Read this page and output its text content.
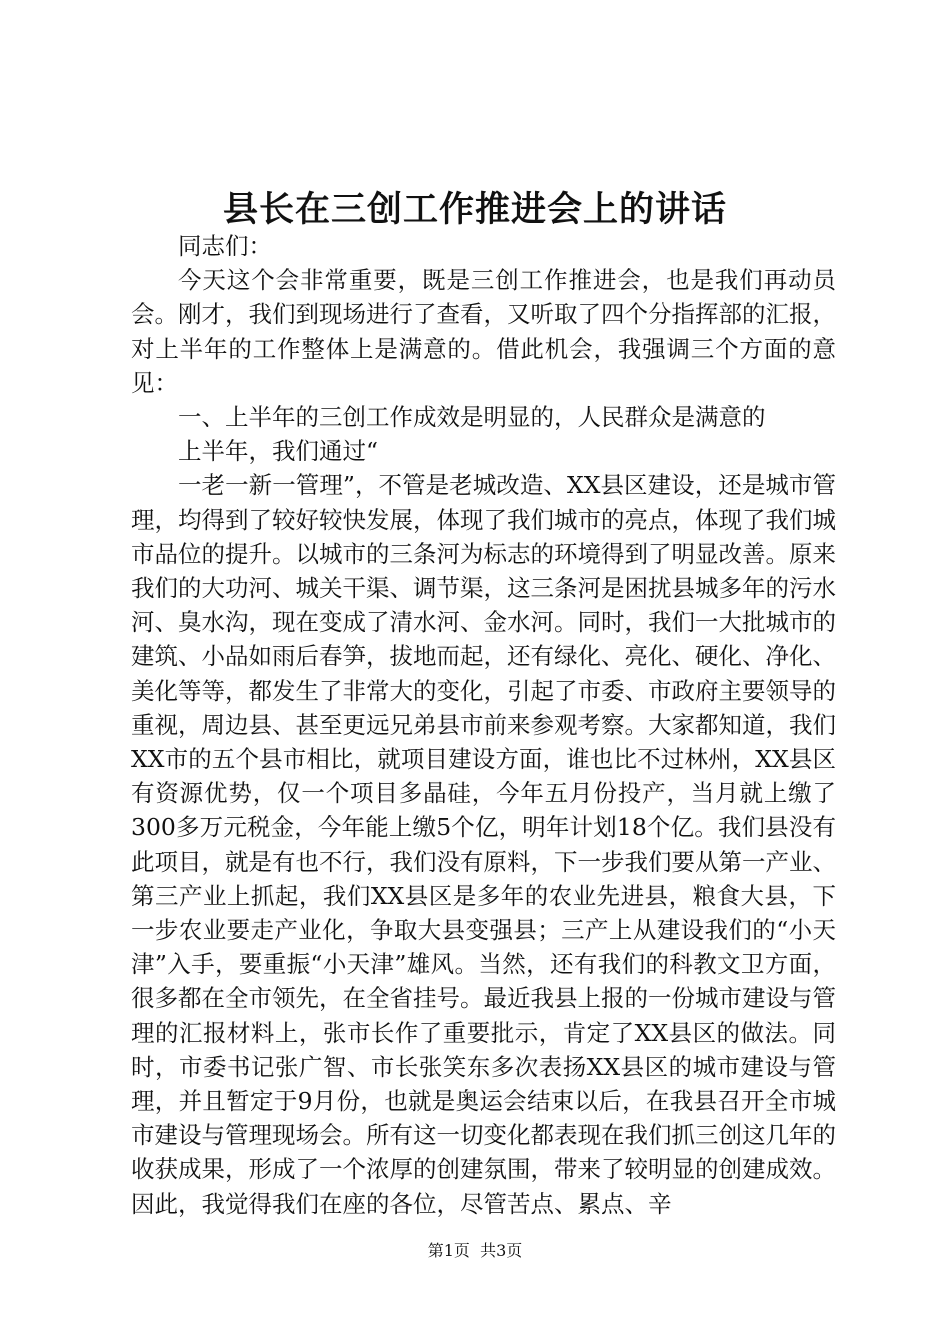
县长在三创工作推进会上的讲话

同志们：

今天这个会非常重要，既是三创工作推进会，也是我们再动员会。刚才，我们到现场进行了查看，又听取了四个分指挥部的汇报，对上半年的工作整体上是满意的。借此机会，我强调三个方面的意见：

一、上半年的三创工作成效是明显的，人民群众是满意的

上半年，我们通过“

一老一新一管理”，不管是老城改造、XX县区建设，还是城市管理，均得到了较好较快发展，体现了我们城市的亮点，体现了我们城市品位的提升。以城市的三条河为标志的环境得到了明显改善。原来我们的大功河、城关干渠、调节渠，这三条河是困扰县城多年的污水河、臭水沟，现在变成了清水河、金水河。同时，我们一大批城市的建筑、小品如雨后春笋，拔地而起，还有绿化、亮化、硬化、净化、美化等等，都发生了非常大的变化，引起了市委、市政府主要领导的重视，周边县、甚至更远兄弟县市前来参观考察。大家都知道，我们XX市的五个县市相比，就项目建设方面，谁也比不过林州，XX县区有资源优势，仅一个项目多晶硅，今年五月份投产，当月就上缴了300多万元税金，今年能上缴5个亿，明年计划18个亿。我们县没有此项目，就是有也不行，我们没有原料，下一步我们要从第一产业、第三产业上抓起，我们XX县区是多年的农业先进县，粮食大县，下一步农业要走产业化，争取大县变强县；三产上从建设我们的“小天津”入手，要重振“小天津”雄风。当然，还有我们的科教文卫方面，很多都在全市领先，在全省挂号。最近我县上报的一份城市建设与管理的汇报材料上，张市长作了重要批示，肯定了XX县区的做法。同时，市委书记张广智、市长张笑东多次表扬XX县区的城市建设与管理，并且暂定于9月份，也就是奥运会结束以后，在我县召开全市城市建设与管理现场会。所有这一切变化都表现在我们抓三创这几年的收获成果，形成了一个浓厚的创建氛围，带来了较明显的创建成效。因此，我觉得我们在座的各位，尽管苦点、累点、辛

第1页  共3页
